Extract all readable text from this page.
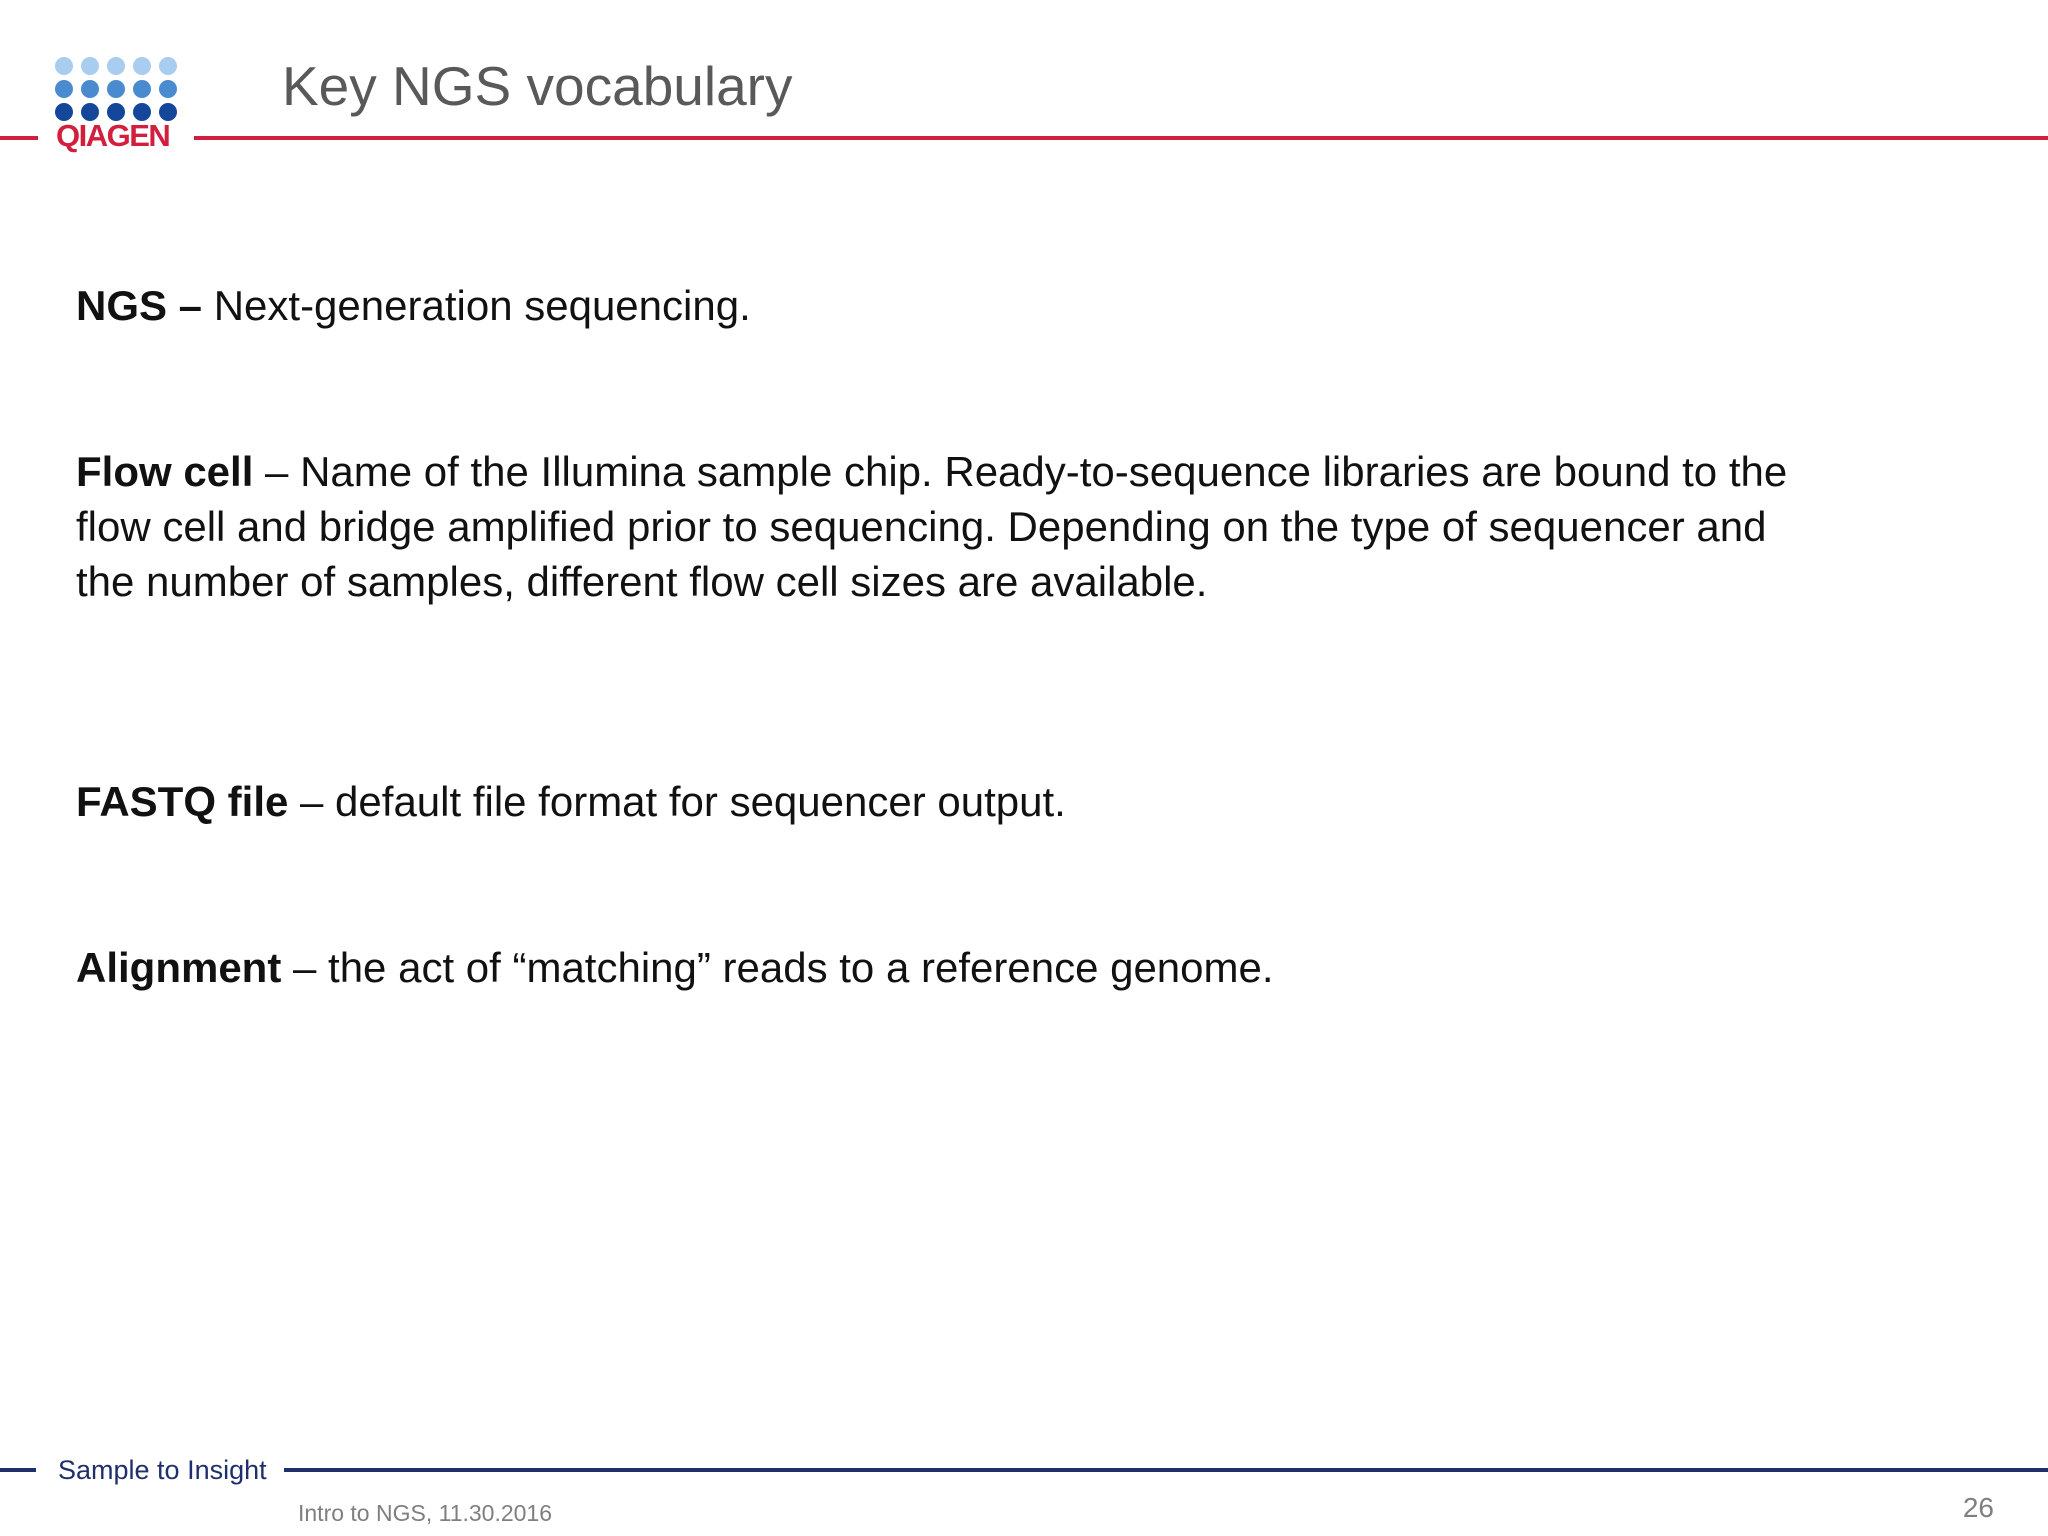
QIAGEN
Key NGS vocabulary
NGS – Next-generation sequencing.
Flow cell – Name of the Illumina sample chip. Ready-to-sequence libraries are bound to the flow cell and bridge amplified prior to sequencing. Depending on the type of sequencer and the number of samples, different flow cell sizes are available.
FASTQ file – default file format for sequencer output.
Alignment – the act of “matching” reads to a reference genome.
Sample to Insight
Intro to NGS, 11.30.2016	26
